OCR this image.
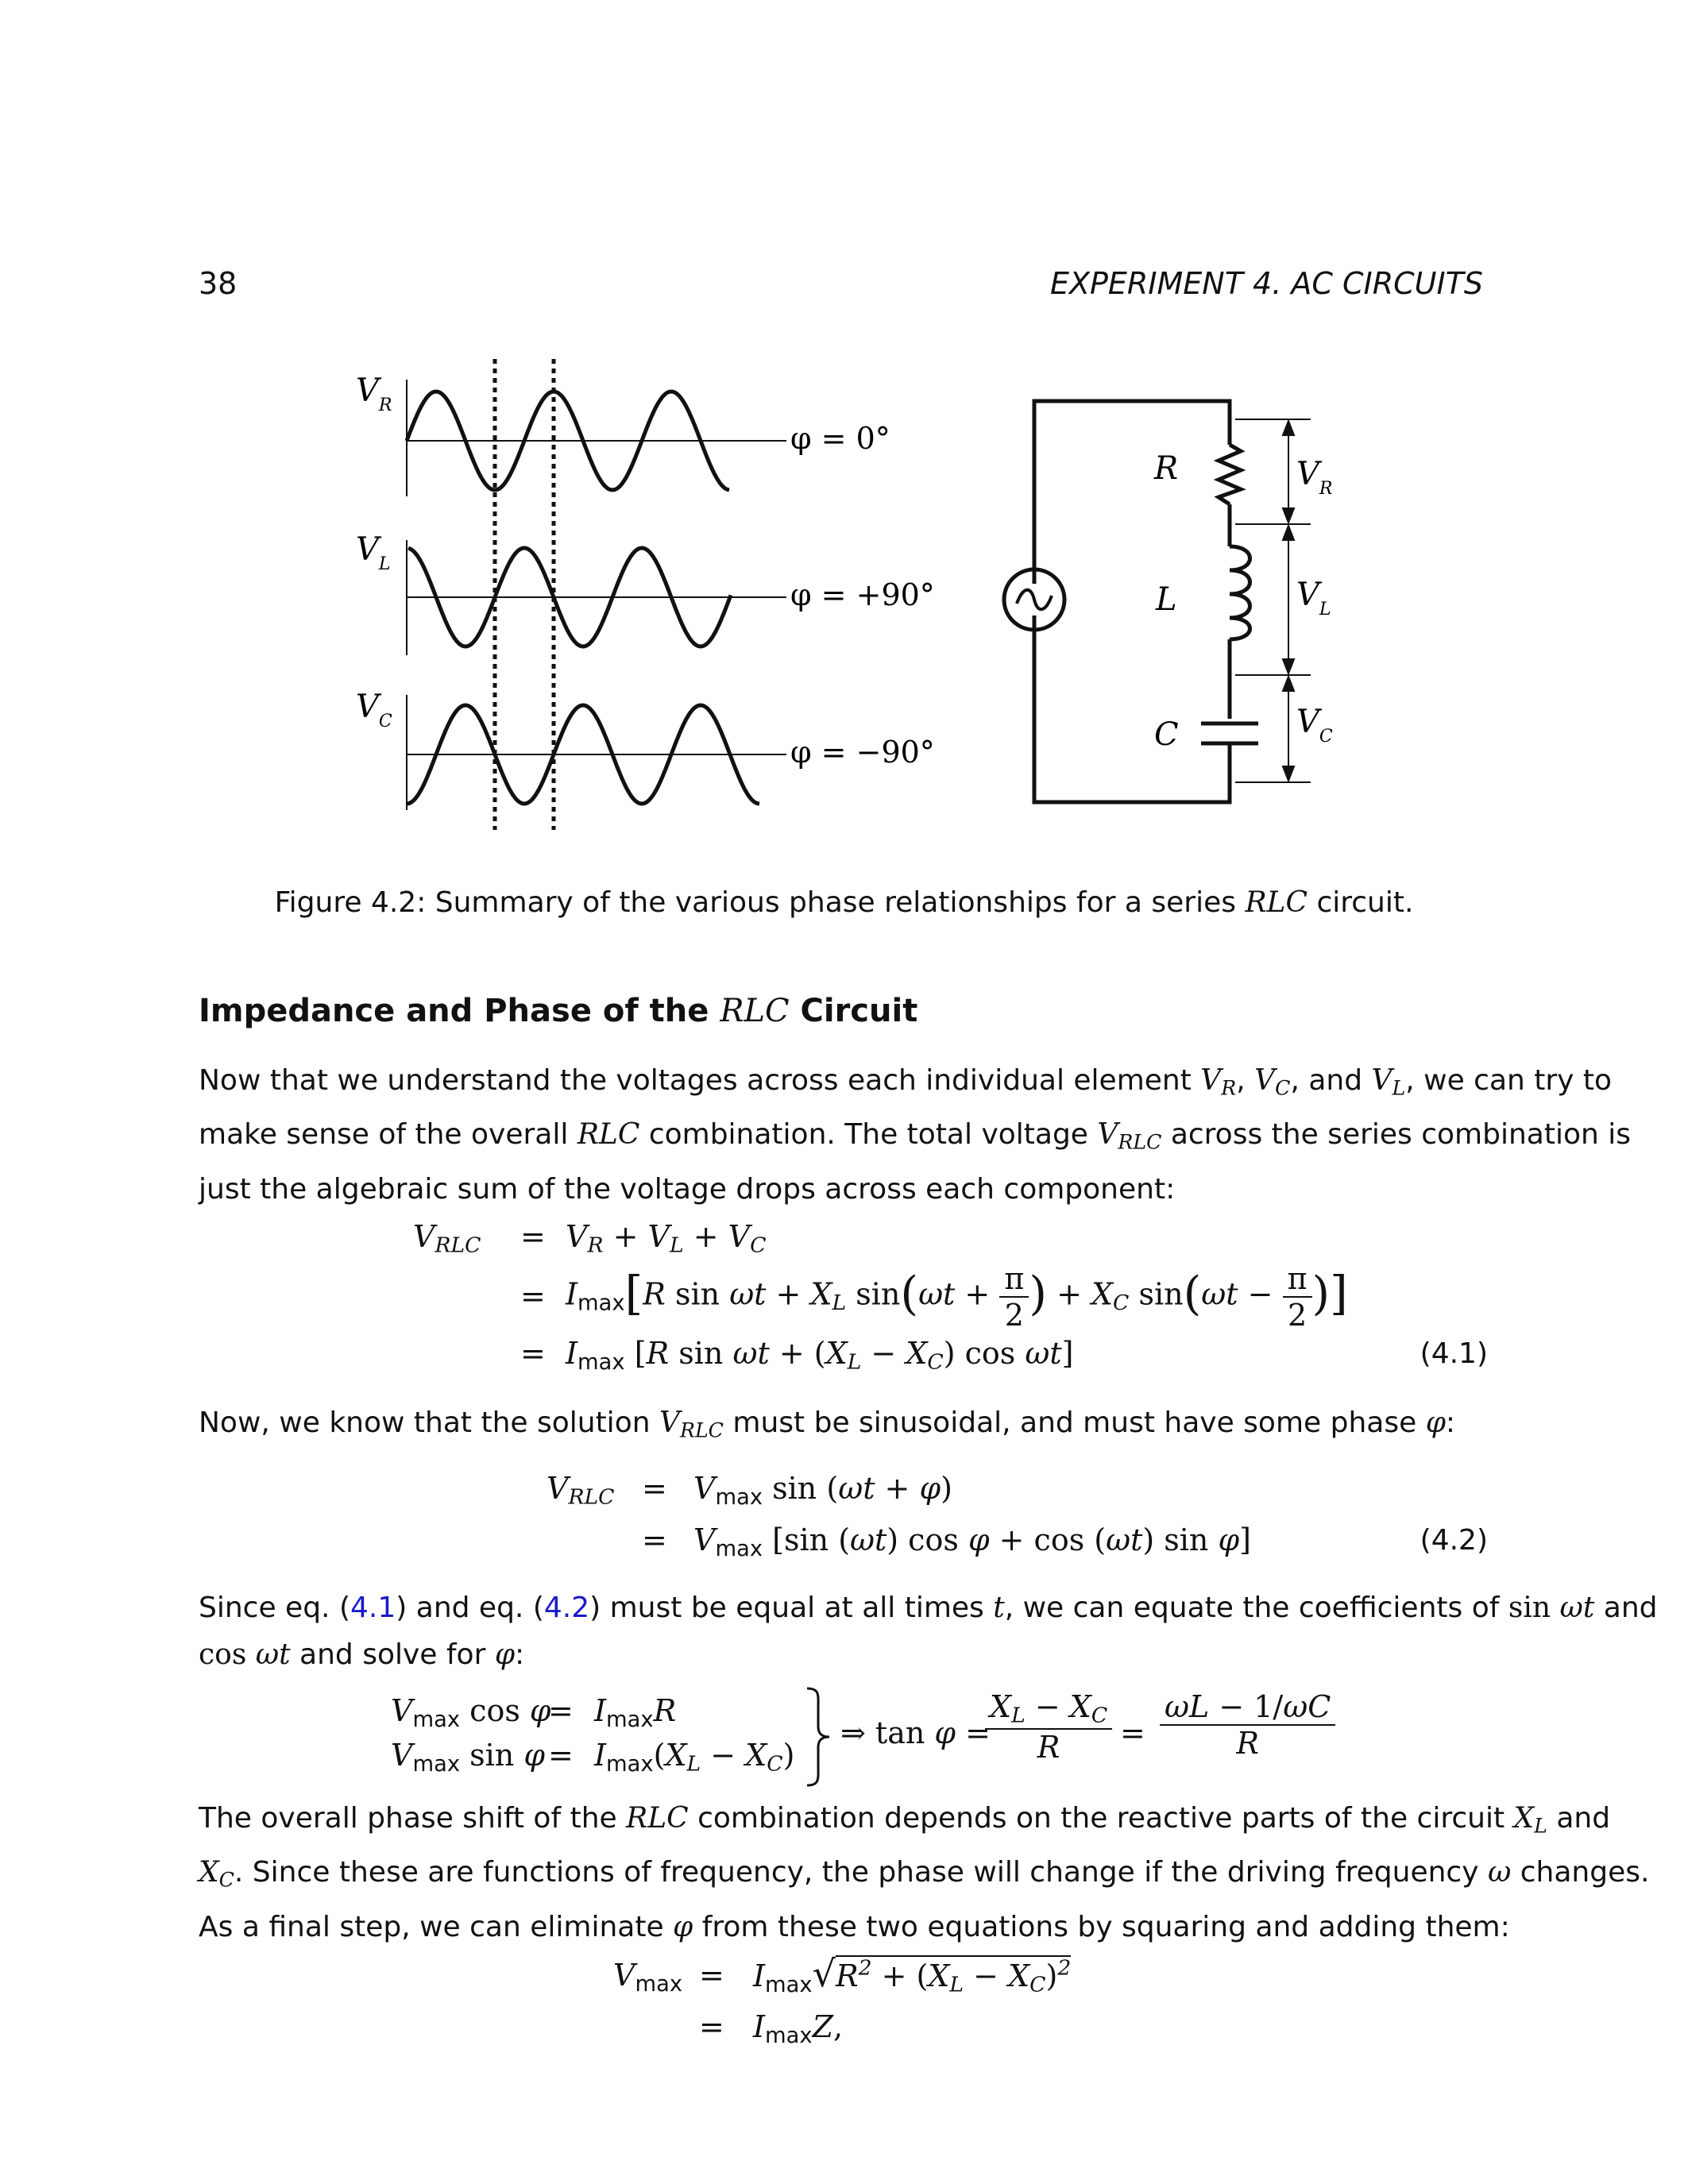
38	EXPERIMENT 4. AC CIRCUITS
$V_R$
$V_L$
$V_C$
φ = 0°
φ = +90°
φ = −90°
R
L
C
$V_R$
$V_L$
$V_C$
Figure 4.2: Summary of the various phase relationships for a series RLC circuit.
Impedance and Phase of the RLC Circuit
Now that we understand the voltages across each individual element $V_R$, $V_C$, and $V_L$, we can try to
make sense of the overall RLC combination. The total voltage $V_{RLC}$ across the series combination is
just the algebraic sum of the voltage drops across each component:
$V_{RLC} = V_R + V_L + V_C$
= Imax[R $\sin \omega t + X_L$ $\sin(\omega t + \frac{\pi}{2}$ ) + $X_C$ $\sin(\omega t - \frac{\pi}{2}$ )]
= Imax [R $\sin \omega t + (X_L - X_C)$ cos ωt]	(4.1)
Now, we know that the solution $V_{RLC}$ must be sinusoidal, and must have some phase φ:
$V_{RLC} = Vmax$ sin (ωt + φ)
= Vmax [sin (ωt) cos φ + cos (ωt) sin φ]	(4.2)
Since eq. (4.1) and eq. (4.2) must be equal at all times t, we can equate the coefficients of sin ωt and
cos ωt and solve for φ:
Vmax cos φ
= ImaxR
Vmax $\sin \varphi = Imax(X_L - X_C)$
⇒ tan φ =
$\frac{X_L - X_C}{R} = \frac{\omega L - 1/\omega C}{R}$
The overall phase shift of the RLC combination depends on the reactive parts of the circuit $X_L$ and
$X_C$. Since these are functions of frequency, the phase will change if the driving frequency ω changes.
As a final step, we can eliminate φ from these two equations by squaring and adding them:
$Vmax = Imax√R^2 + (X_L - X_C)^2$
= ImaxZ,
